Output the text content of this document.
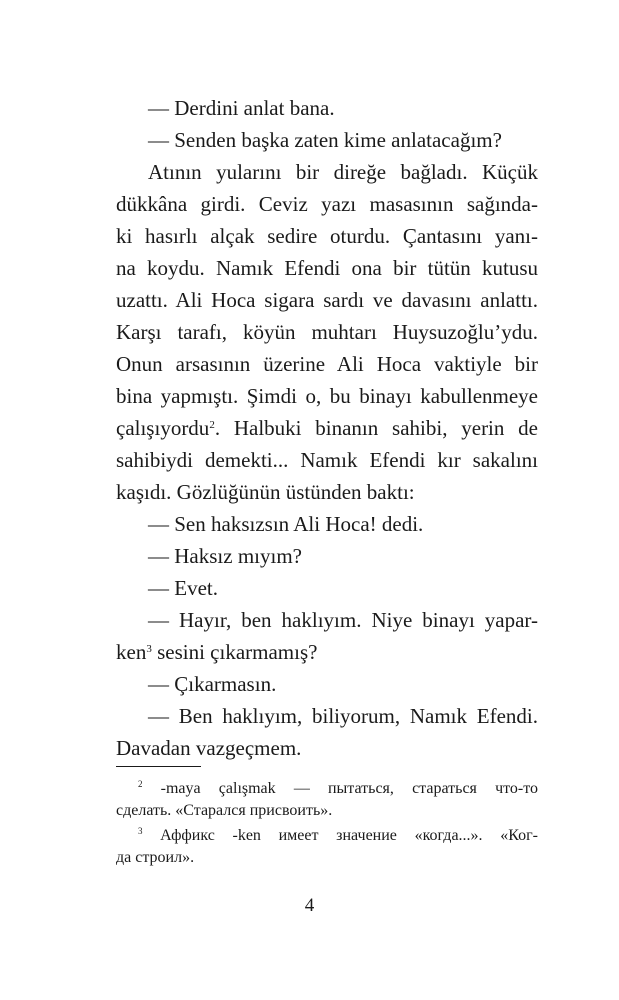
— Derdini anlat bana.
— Senden başka zaten kime anlatacağım?
Atının yularını bir direğe bağladı. Küçük
dükkâna girdi. Ceviz yazı masasının sağında-
ki hasırlı alçak sedire oturdu. Çantasını yanı-
na koydu. Namık Efendi ona bir tütün kutusu
uzattı. Ali Hoca sigara sardı ve davasını anlattı.
Karşı tarafı, köyün muhtarı Huysuzoğlu’ydu.
Onun arsasının üzerine Ali Hoca vaktiyle bir
bina yapmıştı. Şimdi o, bu binayı kabullenmeye
çalışıyordu$^2$. Halbuki binanın sahibi, yerin de
sahibiydi demekti... Namık Efendi kır sakalını
kaşıdı. Gözlüğünün üstünden baktı:
— Sen haksızsın Ali Hoca! dedi.
— Haksız mıyım?
— Evet.
— Hayır, ben haklıyım. Niye binayı yapar-
ken$^3$ sesini çıkarmamış?
— Çıkarmasın.
— Ben haklıyım, biliyorum, Namık Efendi.
Davadan vazgeçmem.
$^2$ -maya çalışmak — пытаться, стараться что-то
сделать. «Старался присвоить».
$^3$ Аффикс -ken имеет значение «когда...». «Ког-
да строил».
4
